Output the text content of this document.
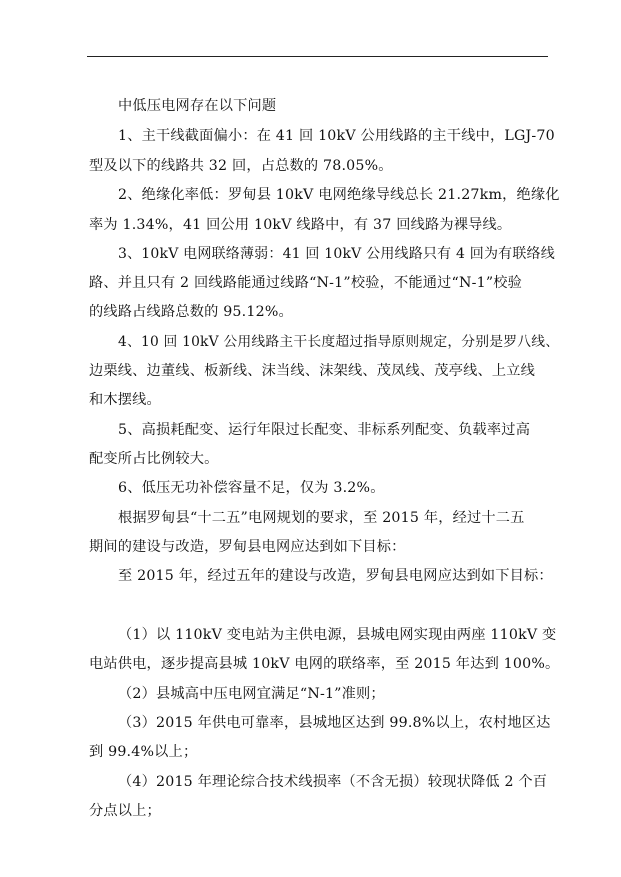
中低压电网存在以下问题
1、主干线截面偏小：在 41 回 10kV 公用线路的主干线中，LGJ-70
型及以下的线路共 32 回，占总数的 78.05%。
2、绝缘化率低：罗甸县 10kV 电网绝缘导线总长 21.27km，绝缘化
率为 1.34%，41 回公用 10kV 线路中，有 37 回线路为裸导线。
3、10kV 电网联络薄弱：41 回 10kV 公用线路只有 4 回为有联络线
路、并且只有 2 回线路能通过线路“N-1”校验，不能通过“N-1”校验
的线路占线路总数的 95.12%。
4、10 回 10kV 公用线路主干长度超过指导原则规定，分别是罗八线、
边栗线、边董线、板新线、沫当线、沫架线、茂凤线、茂亭线、上立线
和木摆线。
5、高损耗配变、运行年限过长配变、非标系列配变、负载率过高
配变所占比例较大。
6、低压无功补偿容量不足，仅为 3.2%。
根据罗甸县“十二五”电网规划的要求，至 2015 年，经过十二五
期间的建设与改造，罗甸县电网应达到如下目标：
至 2015 年，经过五年的建设与改造，罗甸县电网应达到如下目标：
（1）以 110kV 变电站为主供电源，县城电网实现由两座 110kV 变
电站供电，逐步提高县城 10kV 电网的联络率，至 2015 年达到 100%。
（2）县城高中压电网宜满足“N-1”准则；
（3）2015 年供电可靠率，县城地区达到 99.8%以上，农村地区达
到 99.4%以上；
（4）2015 年理论综合技术线损率（不含无损）较现状降低 2 个百
分点以上；
